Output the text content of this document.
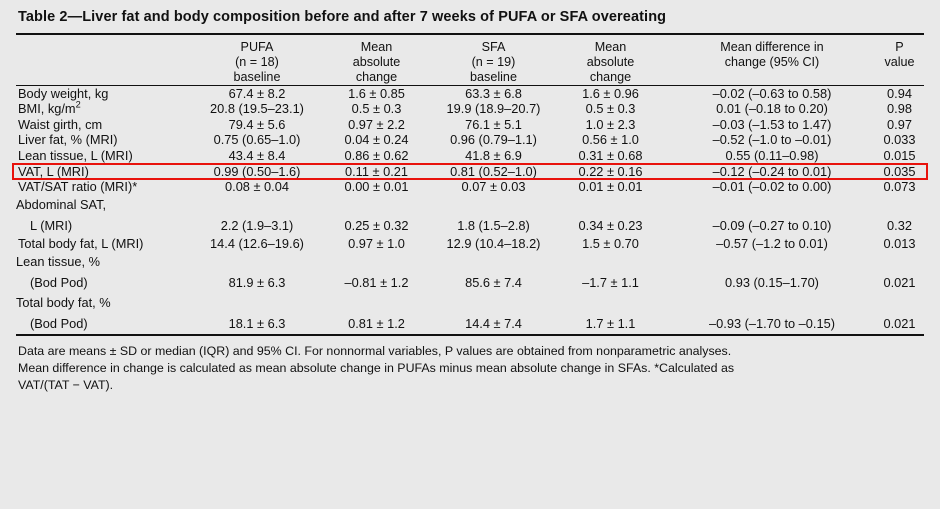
Table 2—Liver fat and body composition before and after 7 weeks of PUFA or SFA overeating
	PUFA	Mean	SFA	Mean	Mean difference in	P
	(n = 18)	absolute	(n = 19)	absolute	change (95% CI)	value
	baseline	change	baseline	change		
Body weight, kg	67.4 ± 8.2	1.6 ± 0.85	63.3 ± 6.8	1.6 ± 0.96	–0.02 (–0.63 to 0.58)	0.94
BMI, $kg/m^2$	20.8 (19.5–23.1)	0.5 ± 0.3	19.9 (18.9–20.7)	0.5 ± 0.3	0.01 (–0.18 to 0.20)	0.98
Waist girth, cm	79.4 ± 5.6	0.97 ± 2.2	76.1 ± 5.1	1.0 ± 2.3	–0.03 (–1.53 to 1.47)	0.97
Liver fat, % (MRI)	0.75 (0.65–1.0)	0.04 ± 0.24	0.96 (0.79–1.1)	0.56 ± 1.0	–0.52 (–1.0 to –0.01)	0.033
Lean tissue, L (MRI)	43.4 ± 8.4	0.86 ± 0.62	41.8 ± 6.9	0.31 ± 0.68	0.55 (0.11–0.98)	0.015
VAT, L (MRI)	0.99 (0.50–1.6)	0.11 ± 0.21	0.81 (0.52–1.0)	0.22 ± 0.16	–0.12 (–0.24 to 0.01)	0.035
VAT/SAT ratio (MRI)*	0.08 ± 0.04	0.00 ± 0.01	0.07 ± 0.03	0.01 ± 0.01	–0.01 (–0.02 to 0.00)	0.073
Abdominal SAT,						
L (MRI)	2.2 (1.9–3.1)	0.25 ± 0.32	1.8 (1.5–2.8)	0.34 ± 0.23	–0.09 (–0.27 to 0.10)	0.32
Total body fat, L (MRI)	14.4 (12.6–19.6)	0.97 ± 1.0	12.9 (10.4–18.2)	1.5 ± 0.70	–0.57 (–1.2 to 0.01)	0.013
Lean tissue, %						
(Bod Pod)	81.9 ± 6.3	–0.81 ± 1.2	85.6 ± 7.4	–1.7 ± 1.1	0.93 (0.15–1.70)	0.021
Total body fat, %						
(Bod Pod)	18.1 ± 6.3	0.81 ± 1.2	14.4 ± 7.4	1.7 ± 1.1	–0.93 (–1.70 to –0.15)	0.021
Data are means ± SD or median (IQR) and 95% CI. For nonnormal variables, P values are obtained from nonparametric analyses.
Mean difference in change is calculated as mean absolute change in PUFAs minus mean absolute change in SFAs. *Calculated as
VAT/(TAT − VAT).
